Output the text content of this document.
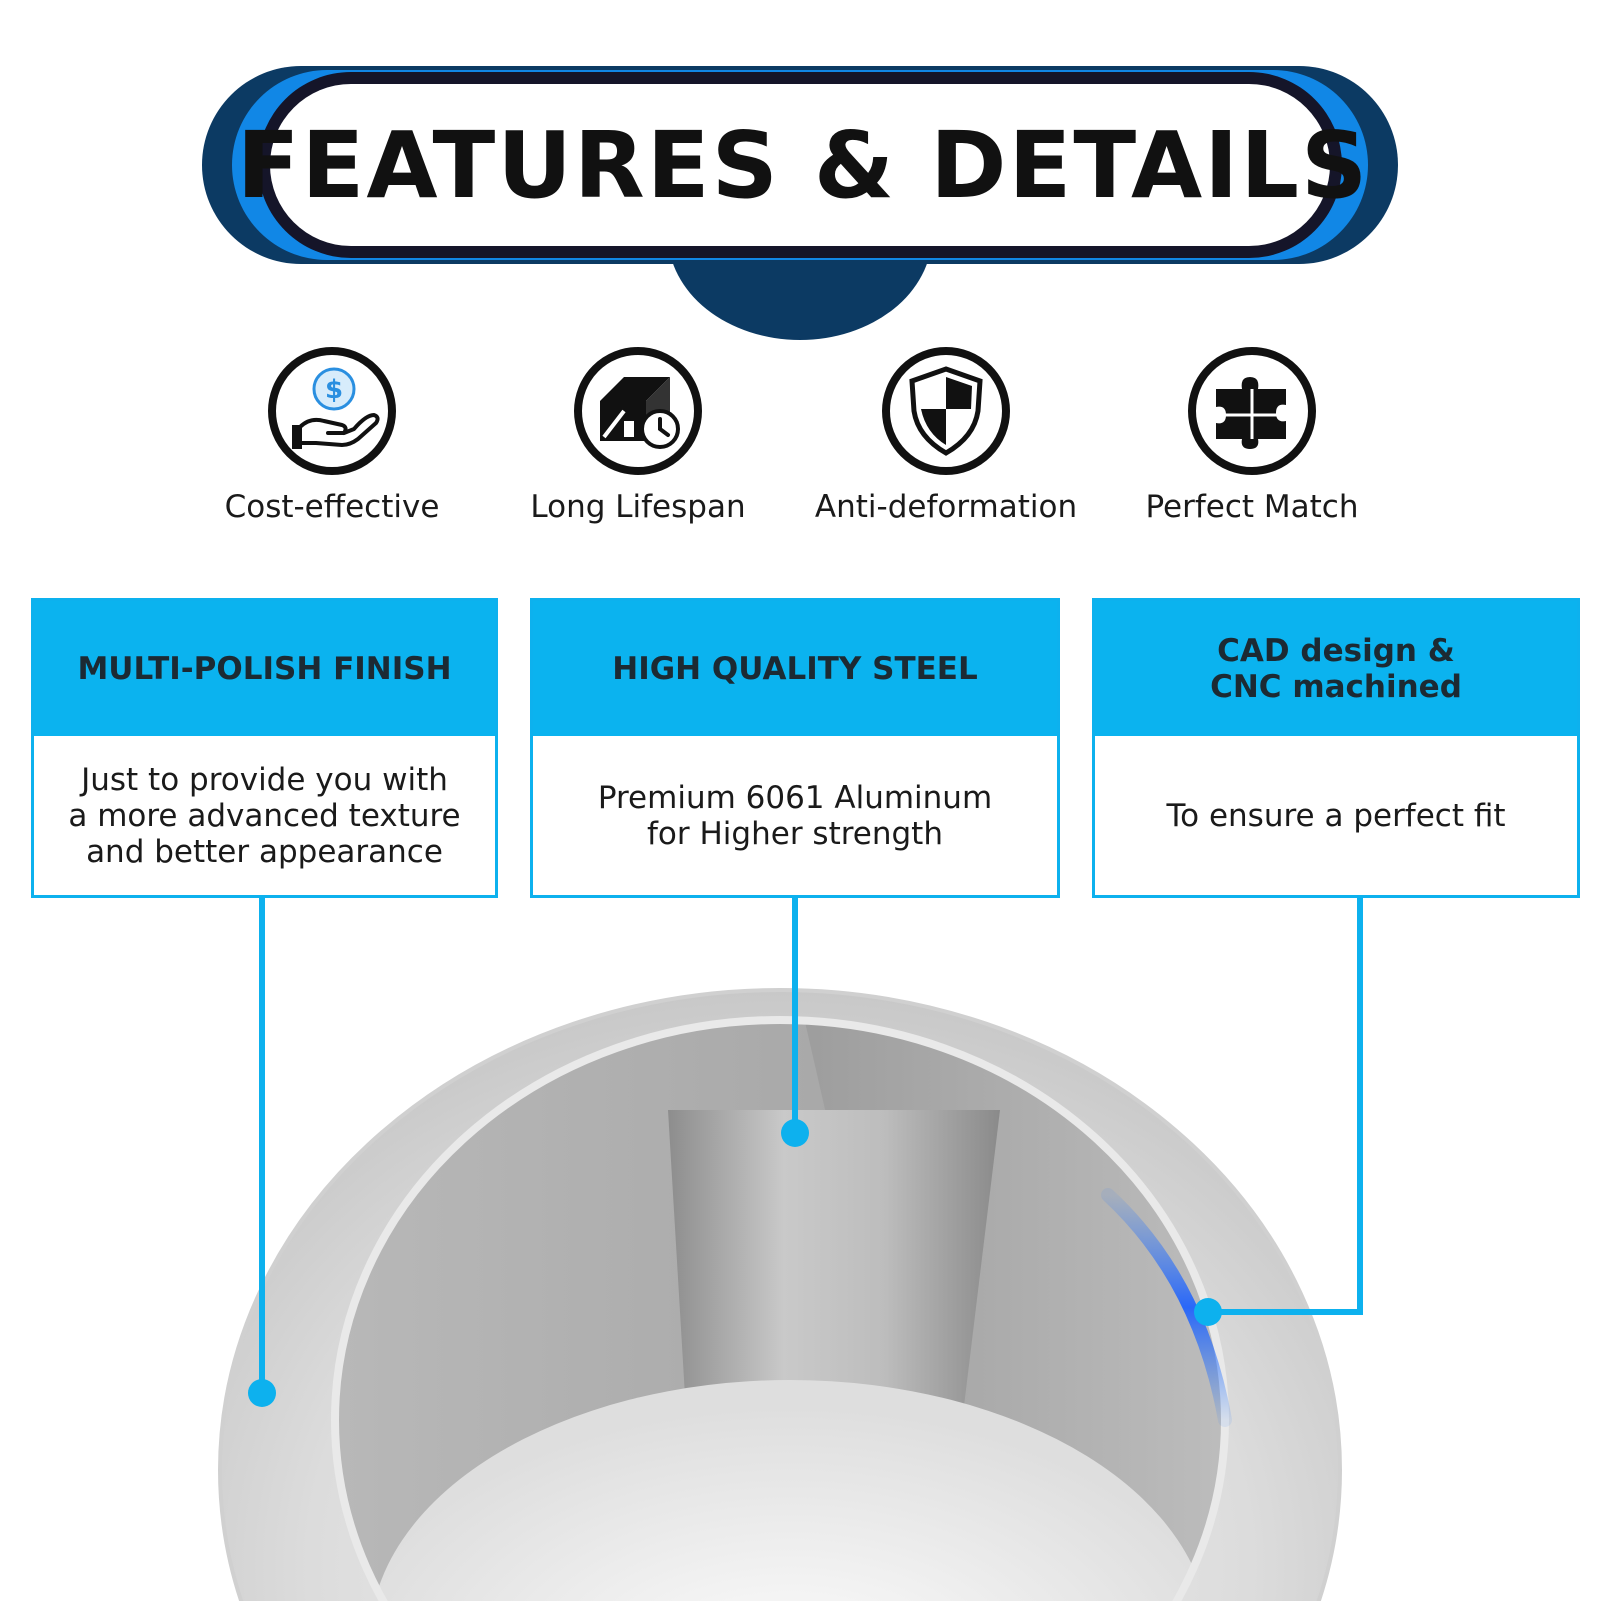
FEATURES & DETAILS
$
Cost-effective	Long Lifespan	Anti-deformation	Perfect Match
MULTI-POLISH FINISH
Just to provide you with
a more advanced texture
and better appearance
HIGH QUALITY STEEL
Premium 6061 Aluminum
for Higher strength
CAD design &
CNC machined
To ensure a perfect fit
